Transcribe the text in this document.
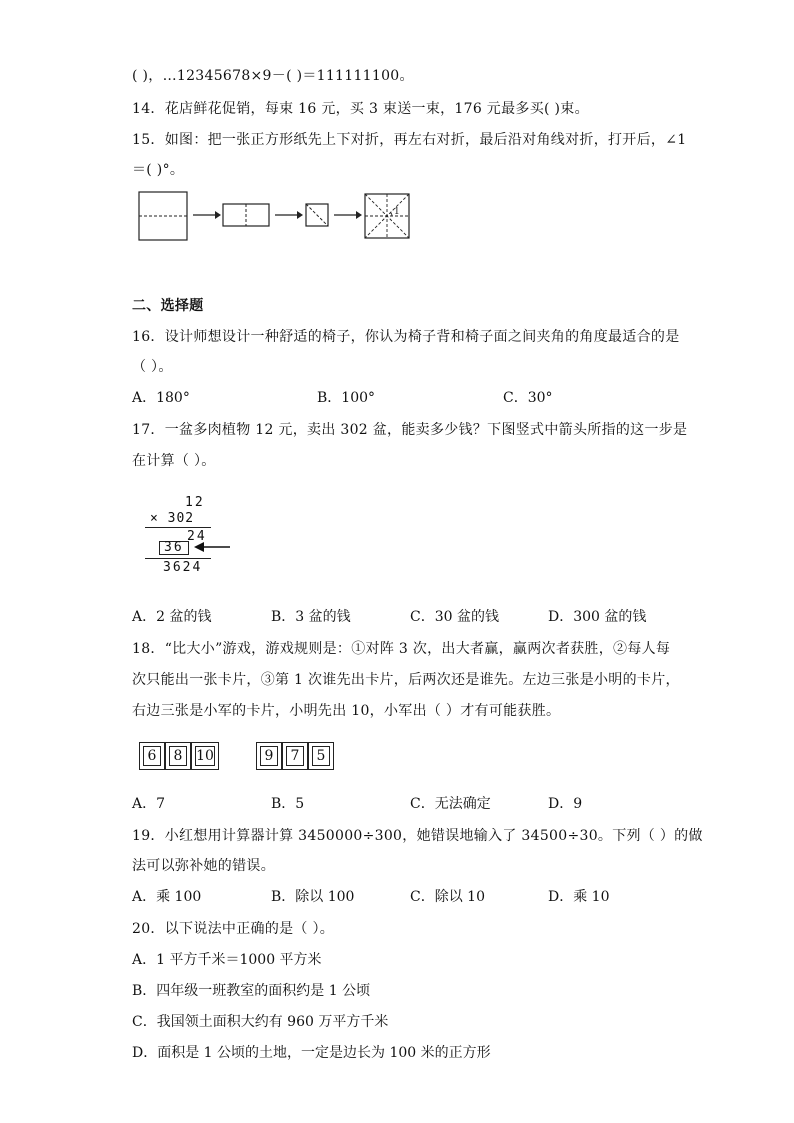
( )，…12345678×9－( )＝111111100。
14．花店鲜花促销，每束 16 元，买 3 束送一束，176 元最多买( )束。
15．如图：把一张正方形纸先上下对折，再左右对折，最后沿对角线对折，打开后，∠1
＝( )°。
1
二、选择题
16．设计师想设计一种舒适的椅子，你认为椅子背和椅子面之间夹角的角度最适合的是
（ ）。
A．180°	B．100°	C．30°
17．一盆多肉植物 12 元，卖出 302 盆，能卖多少钱？下图竖式中箭头所指的这一步是
在计算（ ）。
12
× 302
24
36
3624
A．2 盆的钱	B．3 盆的钱	C．30 盆的钱	D．300 盆的钱
18．“比大小”游戏，游戏规则是：①对阵 3 次，出大者赢，赢两次者获胜，②每人每
次只能出一张卡片，③第 1 次谁先出卡片，后两次还是谁先。左边三张是小明的卡片，
右边三张是小军的卡片，小明先出 10，小军出（ ）才有可能获胜。
6	8 10	9	7	5
A．7	B．5	C．无法确定	D．9
19．小红想用计算器计算 3450000÷300，她错误地输入了 34500÷30。下列（ ）的做
法可以弥补她的错误。
A．乘 100	B．除以 100	C．除以 10	D．乘 10
20．以下说法中正确的是（ ）。
A．1 平方千米＝1000 平方米
B．四年级一班教室的面积约是 1 公顷
C．我国领土面积大约有 960 万平方千米
D．面积是 1 公顷的土地，一定是边长为 100 米的正方形
